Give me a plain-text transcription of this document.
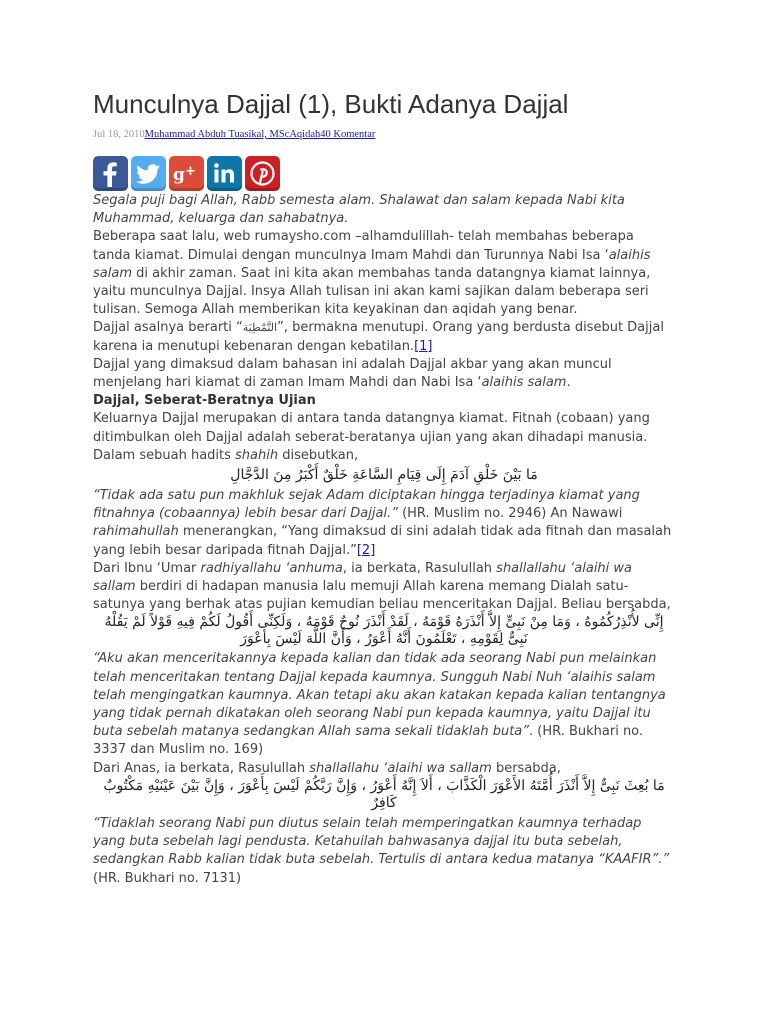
Munculnya Dajjal (1), Bukti Adanya Dajjal
Jul 18, 2010Muhammad Abduh Tuasikal, MScAqidah40 Komentar
g +

Segala puji bagi Allah, Rabb semesta alam. Shalawat dan salam kepada Nabi kita Muhammad, keluarga dan sahabatnya.

Beberapa saat lalu, web rumaysho.com –alhamdulillah- telah membahas beberapa tanda kiamat. Dimulai dengan munculnya Imam Mahdi dan Turunnya Nabi Isa ‘alaihis salam di akhir zaman. Saat ini kita akan membahas tanda datangnya kiamat lainnya, yaitu munculnya Dajjal. Insya Allah tulisan ini akan kami sajikan dalam beberapa seri tulisan. Semoga Allah memberikan kita keyakinan dan aqidah yang benar.

Dajjal asalnya berarti “التَّمْطِيَة”, bermakna menutupi. Orang yang berdusta disebut Dajjal karena ia menutupi kebenaran dengan kebatilan.[1]

Dajjal yang dimaksud dalam bahasan ini adalah Dajjal akbar yang akan muncul menjelang hari kiamat di zaman Imam Mahdi dan Nabi Isa ‘alaihis salam.

Dajjal, Seberat-Beratnya Ujian

Keluarnya Dajjal merupakan di antara tanda datangnya kiamat. Fitnah (cobaan) yang ditimbulkan oleh Dajjal adalah seberat-beratanya ujian yang akan dihadapi manusia. Dalam sebuah hadits shahih disebutkan,

مَا بَيْنَ خَلْقِ آدَمَ إِلَى قِيَامِ السَّاعَةِ خَلْقٌ أَكْبَرُ مِنَ الدَّجَّالِ

“Tidak ada satu pun makhluk sejak Adam diciptakan hingga terjadinya kiamat yang fitnahnya (cobaannya) lebih besar dari Dajjal.” (HR. Muslim no. 2946) An Nawawi rahimahullah menerangkan, “Yang dimaksud di sini adalah tidak ada fitnah dan masalah yang lebih besar daripada fitnah Dajjal.”[2]

Dari Ibnu ‘Umar radhiyallahu ‘anhuma, ia berkata, Rasulullah shallallahu ‘alaihi wa sallam berdiri di hadapan manusia lalu memuji Allah karena memang Dialah satu-satunya yang berhak atas pujian kemudian beliau menceritakan Dajjal. Beliau bersabda,

إِنِّى لأُنْذِرُكُمُوهُ ، وَمَا مِنْ نَبِىٍّ إِلاَّ أَنْذَرَهُ قَوْمَهُ ، لَقَدْ أَنْذَرَ نُوحٌ قَوْمَهُ ، وَلَكِنِّى أَقُولُ لَكُمْ فِيهِ قَوْلاً لَمْ يَقُلْهُ نَبِىٌّ لِقَوْمِهِ ، تَعْلَمُونَ أَنَّهُ أَعْوَرُ ، وَأَنَّ اللَّهَ لَيْسَ بِأَعْوَرَ

“Aku akan menceritakannya kepada kalian dan tidak ada seorang Nabi pun melainkan telah menceritakan tentang Dajjal kepada kaumnya. Sungguh Nabi Nuh ‘alaihis salam telah mengingatkan kaumnya. Akan tetapi aku akan katakan kepada kalian tentangnya yang tidak pernah dikatakan oleh seorang Nabi pun kepada kaumnya, yaitu Dajjal itu buta sebelah matanya sedangkan Allah sama sekali tidaklah buta”. (HR. Bukhari no. 3337 dan Muslim no. 169)

Dari Anas, ia berkata, Rasulullah shallallahu ‘alaihi wa sallam bersabda,

مَا بُعِثَ نَبِىٌّ إِلاَّ أَنْذَرَ أُمَّتَهُ الأَعْوَرَ الْكَذَّابَ ، أَلاَ إِنَّهُ أَعْوَرُ ، وَإِنَّ رَبَّكُمْ لَيْسَ بِأَعْوَرَ ، وَإِنَّ بَيْنَ عَيْنَيْهِ مَكْتُوبٌ كَافِرٌ

“Tidaklah seorang Nabi pun diutus selain telah memperingatkan kaumnya terhadap yang buta sebelah lagi pendusta. Ketahuilah bahwasanya dajjal itu buta sebelah, sedangkan Rabb kalian tidak buta sebelah. Tertulis di antara kedua matanya “KAAFIR”.” (HR. Bukhari no. 7131)
